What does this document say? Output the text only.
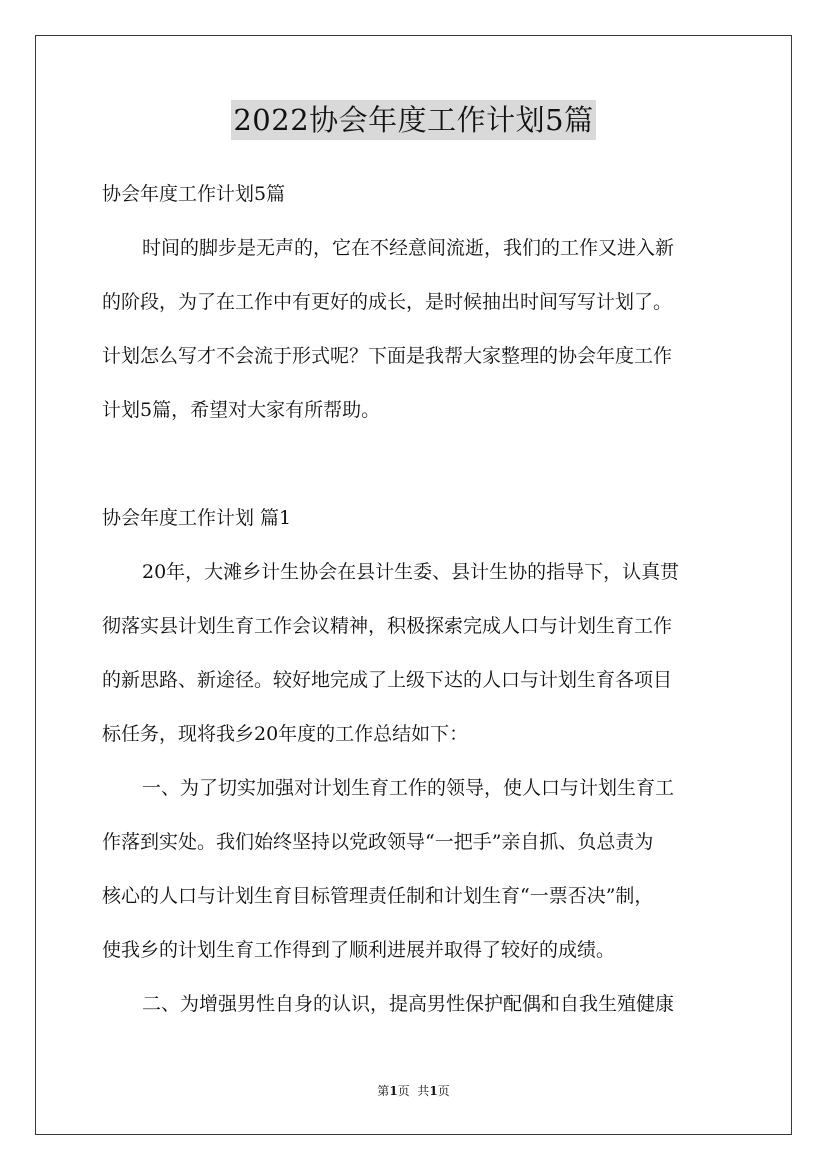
2022协会年度工作计划5篇
协会年度工作计划5篇
时间的脚步是无声的，它在不经意间流逝，我们的工作又进入新
的阶段，为了在工作中有更好的成长，是时候抽出时间写写计划了。
计划怎么写才不会流于形式呢？下面是我帮大家整理的协会年度工作
计划5篇，希望对大家有所帮助。
协会年度工作计划 篇1
20年，大滩乡计生协会在县计生委、县计生协的指导下，认真贯
彻落实县计划生育工作会议精神，积极探索完成人口与计划生育工作
的新思路、新途径。较好地完成了上级下达的人口与计划生育各项目
标任务，现将我乡20年度的工作总结如下：
一、为了切实加强对计划生育工作的领导，使人口与计划生育工
作落到实处。我们始终坚持以党政领导“一把手”亲自抓、负总责为
核心的人口与计划生育目标管理责任制和计划生育“一票否决”制，
使我乡的计划生育工作得到了顺利进展并取得了较好的成绩。
二、为增强男性自身的认识，提高男性保护配偶和自我生殖健康
第1页  共1页
